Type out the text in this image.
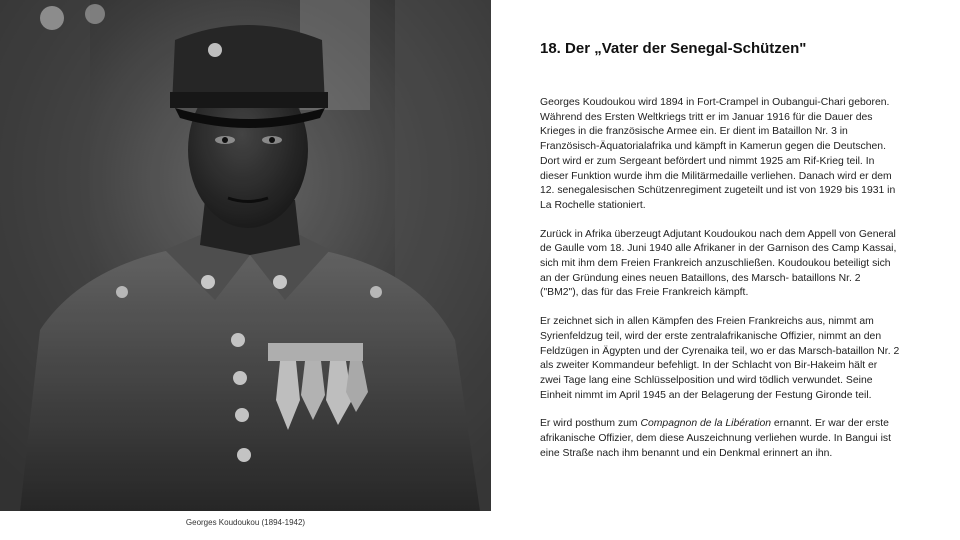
Georges Koudoukou (1894-1942)
18. Der „Vater der Senegal-Schützen"

Georges Koudoukou wird 1894 in Fort-Crampel in Oubangui-Chari geboren. Während des Ersten Weltkriegs tritt er im Januar 1916 für die Dauer des Krieges in die französische Armee ein. Er dient im Bataillon Nr. 3 in Französisch-Äquatorialafrika und kämpft in Kamerun gegen die Deutschen. Dort wird er zum Sergeant befördert und nimmt 1925 am Rif-Krieg teil. In dieser Funktion wurde ihm die Militärmedaille verliehen. Danach wird er dem 12. senegalesischen Schützenregiment zugeteilt und ist von 1929 bis 1931 in La Rochelle stationiert.

Zurück in Afrika überzeugt Adjutant Koudoukou nach dem Appell von General de Gaulle vom 18. Juni 1940 alle Afrikaner in der Garnison des Camp Kassai, sich mit ihm dem Freien Frankreich anzuschließen. Koudoukou beteiligt sich an der Gründung eines neuen Bataillons, des Marsch- bataillons Nr. 2 ("BM2"), das für das Freie Frankreich kämpft.

Er zeichnet sich in allen Kämpfen des Freien Frankreichs aus, nimmt am Syrienfeldzug teil, wird der erste zentralafrikanische Offizier, nimmt an den Feldzügen in Ägypten und der Cyrenaika teil, wo er das Marsch-bataillon Nr. 2 als zweiter Kommandeur befehligt. In der Schlacht von Bir-Hakeim hält er zwei Tage lang eine Schlüsselposition und wird tödlich verwundet. Seine Einheit nimmt im April 1945 an der Belagerung der Festung Gironde teil.

Er wird posthum zum Compagnon de la Libération ernannt. Er war der erste afrikanische Offizier, dem diese Auszeichnung verliehen wurde. In Bangui ist eine Straße nach ihm benannt und ein Denkmal erinnert an ihn.
